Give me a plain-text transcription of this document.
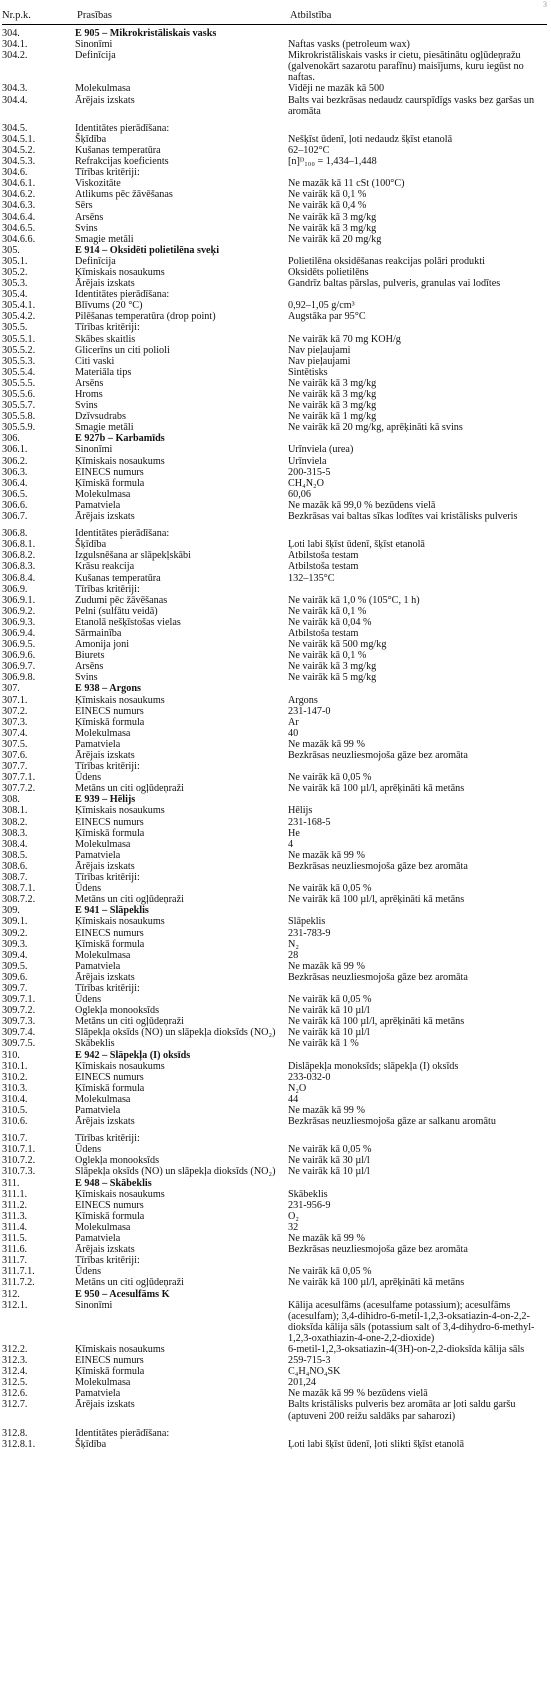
3
Nr.p.k.	Prasības	Atbilstība
304.	E 905 – Mikrokristāliskais vasks
304.1.	Sinonīmi	Naftas vasks (petroleum wax)
304.2.	Definīcija	Mikrokristāliskais vasks ir cietu, piesātinātu ogļūdeņražu (galvenokārt sazarotu parafīnu) maisījums, kuru iegūst no naftas.
304.3.	Molekulmasa	Vidēji ne mazāk kā 500
304.4.	Ārējais izskats	Balts vai bezkrāsas nedaudz caurspīdīgs vasks bez garšas un aromāta
304.5.	Identitātes pierādīšana:
304.5.1.	Šķīdība	Nešķīst ūdenī, ļoti nedaudz šķīst etanolā
304.5.2.	Kušanas temperatūra	62–102°C
304.5.3.	Refrakcijas koeficients	[n]ᴰ₁₀₀ = 1,434–1,448
304.6.	Tīrības kritēriji:
304.6.1.	Viskozitāte	Ne mazāk kā 11 cSt (100°C)
304.6.2.	Atlikums pēc žāvēšanas	Ne vairāk kā 0,1 %
304.6.3.	Sērs	Ne vairāk kā 0,4 %
304.6.4.	Arsēns	Ne vairāk kā 3 mg/kg
304.6.5.	Svins	Ne vairāk kā 3 mg/kg
304.6.6.	Smagie metāli	Ne vairāk kā 20 mg/kg
305.	E 914 – Oksidēti polietilēna sveķi
305.1.	Definīcija	Polietilēna oksidēšanas reakcijas polāri produkti
305.2.	Ķīmiskais nosaukums	Oksidēts polietilēns
305.3.	Ārējais izskats	Gandrīz baltas pārslas, pulveris, granulas vai lodītes
305.4.	Identitātes pierādīšana:
305.4.1.	Blīvums (20 °C)	0,92–1,05 g/cm³
305.4.2.	Pilēšanas temperatūra (drop point)	Augstāka par 95°C
305.5.	Tīrības kritēriji:
305.5.1.	Skābes skaitlis	Ne vairāk kā 70 mg KOH/g
305.5.2.	Glicerīns un citi polioli	Nav pieļaujami
305.5.3.	Citi vaski	Nav pieļaujami
305.5.4.	Materiāla tips	Sintētisks
305.5.5.	Arsēns	Ne vairāk kā 3 mg/kg
305.5.6.	Hroms	Ne vairāk kā 3 mg/kg
305.5.7.	Svins	Ne vairāk kā 3 mg/kg
305.5.8.	Dzīvsudrabs	Ne vairāk kā 1 mg/kg
305.5.9.	Smagie metāli	Ne vairāk kā 20 mg/kg, aprēķināti kā svins
306.	E 927b – Karbamīds
306.1.	Sinonīmi	Urīnviela (urea)
306.2.	Ķīmiskais nosaukums	Urīnviela
306.3.	EINECS numurs	200-315-5
306.4.	Ķīmiskā formula	CH₄N₂O
306.5.	Molekulmasa	60,06
306.6.	Pamatviela	Ne mazāk kā 99,0 % bezūdens vielā
306.7.	Ārējais izskats	Bezkrāsas vai baltas sīkas lodītes vai kristālisks pulveris
306.8.	Identitātes pierādīšana:
306.8.1.	Šķīdība	Ļoti labi šķīst ūdenī, šķīst etanolā
306.8.2.	Izgulsnēšana ar slāpekļskābi	Atbilstoša testam
306.8.3.	Krāsu reakcija	Atbilstoša testam
306.8.4.	Kušanas temperatūra	132–135°C
306.9.	Tīrības kritēriji:
306.9.1.	Zudumi pēc žāvēšanas	Ne vairāk kā 1,0 % (105°C, 1 h)
306.9.2.	Pelni (sulfātu veidā)	Ne vairāk kā 0,1 %
306.9.3.	Etanolā nešķīstošas vielas	Ne vairāk kā 0,04 %
306.9.4.	Sārmainība	Atbilstoša testam
306.9.5.	Amonija joni	Ne vairāk kā 500 mg/kg
306.9.6.	Biurets	Ne vairāk kā 0,1 %
306.9.7.	Arsēns	Ne vairāk kā 3 mg/kg
306.9.8.	Svins	Ne vairāk kā 5 mg/kg
307.	E 938 – Argons
307.1.	Ķīmiskais nosaukums	Argons
307.2.	EINECS numurs	231-147-0
307.3.	Ķīmiskā formula	Ar
307.4.	Molekulmasa	40
307.5.	Pamatviela	Ne mazāk kā 99 %
307.6.	Ārējais izskats	Bezkrāsas neuzliesmojoša gāze bez aromāta
307.7.	Tīrības kritēriji:
307.7.1.	Ūdens	Ne vairāk kā 0,05 %
307.7.2.	Metāns un citi ogļūdeņraži	Ne vairāk kā 100 µl/l, aprēķināti kā metāns
308.	E 939 – Hēlijs
308.1.	Ķīmiskais nosaukums	Hēlijs
308.2.	EINECS numurs	231-168-5
308.3.	Ķīmiskā formula	He
308.4.	Molekulmasa	4
308.5.	Pamatviela	Ne mazāk kā 99 %
308.6.	Ārējais izskats	Bezkrāsas neuzliesmojoša gāze bez aromāta
308.7.	Tīrības kritēriji:
308.7.1.	Ūdens	Ne vairāk kā 0,05 %
308.7.2.	Metāns un citi ogļūdeņraži	Ne vairāk kā 100 µl/l, aprēķināti kā metāns
309.	E 941 – Slāpeklis
309.1.	Ķīmiskais nosaukums	Slāpeklis
309.2.	EINECS numurs	231-783-9
309.3.	Ķīmiskā formula	N₂
309.4.	Molekulmasa	28
309.5.	Pamatviela	Ne mazāk kā 99 %
309.6.	Ārējais izskats	Bezkrāsas neuzliesmojoša gāze bez aromāta
309.7.	Tīrības kritēriji:
309.7.1.	Ūdens	Ne vairāk kā 0,05 %
309.7.2.	Oglekļa monooksīds	Ne vairāk kā 10 µl/l
309.7.3.	Metāns un citi ogļūdeņraži	Ne vairāk kā 100 µl/l, aprēķināti kā metāns
309.7.4.	Slāpekļa oksīds (NO) un slāpekļa dioksīds (NO₂)	Ne vairāk kā 10 µl/l
309.7.5.	Skābeklis	Ne vairāk kā 1 %
310.	E 942 – Slāpekļa (I) oksīds
310.1.	Ķīmiskais nosaukums	Dislāpekļa monoksīds; slāpekļa (I) oksīds
310.2.	EINECS numurs	233-032-0
310.3.	Ķīmiskā formula	N₂O
310.4.	Molekulmasa	44
310.5.	Pamatviela	Ne mazāk kā 99 %
310.6.	Ārējais izskats	Bezkrāsas neuzliesmojoša gāze ar salkanu aromātu
310.7.	Tīrības kritēriji:
310.7.1.	Ūdens	Ne vairāk kā 0,05 %
310.7.2.	Oglekļa monooksīds	Ne vairāk kā 30 µl/l
310.7.3.	Slāpekļa oksīds (NO) un slāpekļa dioksīds (NO₂)	Ne vairāk kā 10 µl/l
311.	E 948 – Skābeklis
311.1.	Ķīmiskais nosaukums	Skābeklis
311.2.	EINECS numurs	231-956-9
311.3.	Ķīmiskā formula	O₂
311.4.	Molekulmasa	32
311.5.	Pamatviela	Ne mazāk kā 99 %
311.6.	Ārējais izskats	Bezkrāsas neuzliesmojoša gāze bez aromāta
311.7.	Tīrības kritēriji:
311.7.1.	Ūdens	Ne vairāk kā 0,05 %
311.7.2.	Metāns un citi ogļūdeņraži	Ne vairāk kā 100 µl/l, aprēķināti kā metāns
312.	E 950 – Acesulfāms K
312.1.	Sinonīmi	Kālija acesulfāms (acesulfame potassium); acesulfāms (acesulfam); 3,4-dihidro-6-metil-1,2,3-oksatiazin-4-on-2,2-dioksīda kālija sāls (potassium salt of 3,4-dihydro-6-methyl-1,2,3-oxathiazin-4-one-2,2-dioxide)
312.2.	Ķīmiskais nosaukums	6-metil-1,2,3-oksatiazin-4(3H)-on-2,2-dioksīda kālija sāls
312.3.	EINECS numurs	259-715-3
312.4.	Ķīmiskā formula	C₄H₄NO₄SK
312.5.	Molekulmasa	201,24
312.6.	Pamatviela	Ne mazāk kā 99 % bezūdens vielā
312.7.	Ārējais izskats	Balts kristālisks pulveris bez aromāta ar ļoti saldu garšu (aptuveni 200 reižu saldāks par saharozi)
312.8.	Identitātes pierādīšana:
312.8.1.	Šķīdība	Ļoti labi šķīst ūdenī, ļoti slikti šķīst etanolā
